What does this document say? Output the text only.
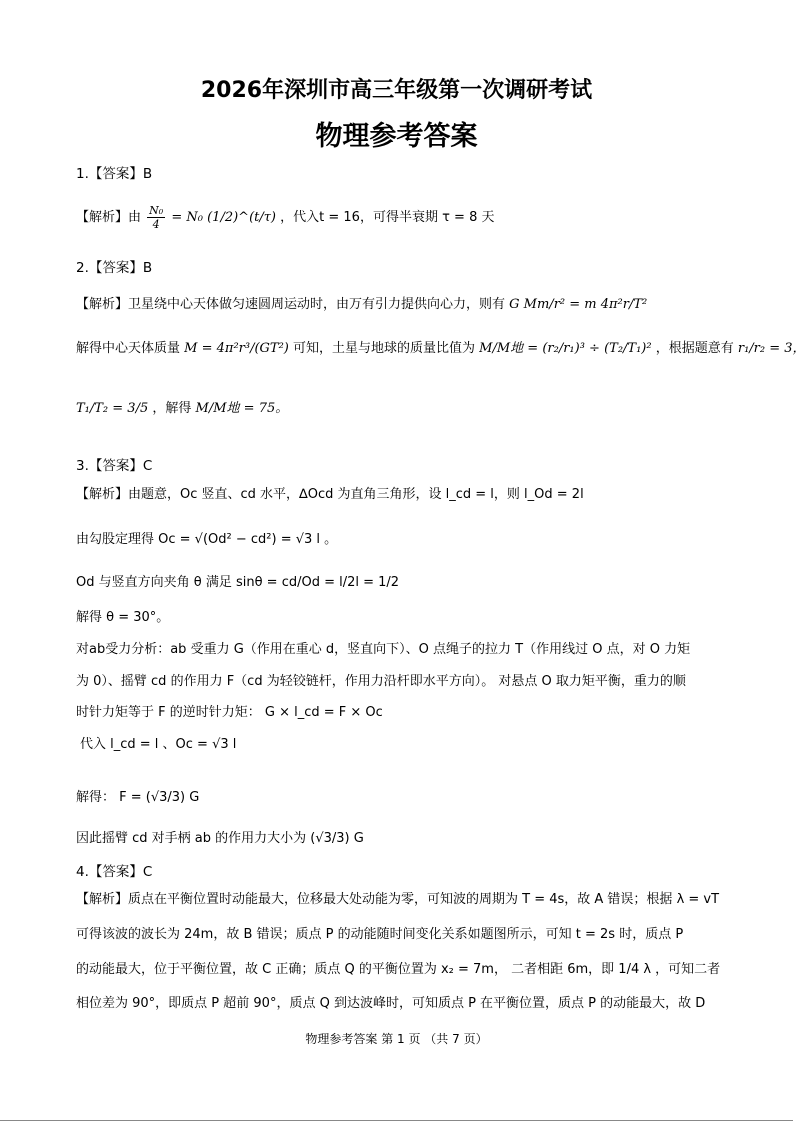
2026年深圳市高三年级第一次调研考试
物理参考答案
1.【答案】B
【解析】由 $\frac{\text{N₀}}{4} = N_0$ (1/2)^(t/τ) ，代入t = 16，可得半衰期 τ = 8 天
2.【答案】B
【解析】卫星绕中心天体做匀速圆周运动时，由万有引力提供向心力，则有 G Mm/r² = m 4π²r/T²
解得中心天体质量 M = 4π²r³/(GT²) 可知，土星与地球的质量比值为 M/M地 = (r₂/r₁)³ ÷ (T₂/T₁)² ，根据题意有 r₁/r₂ = 3，
T₁/T₂ = 3/5 ，解得 M/M地 = 75。
3.【答案】C
【解析】由题意，Oc 竖直、cd 水平，∆Ocd 为直角三角形，设 l_cd = l，则 l_Od = 2l
由勾股定理得 Oc = √(Od² − cd²) = √3 l 。
Od 与竖直方向夹角 θ 满足 sinθ = cd/Od = l/2l = 1/2
解得 θ = 30°。
对ab受力分析：ab 受重力 G（作用在重心 d，竖直向下）、O 点绳子的拉力 T（作用线过 O 点，对 O 力矩
为 0）、摇臂 cd 的作用力 F（cd 为轻铰链杆，作用力沿杆即水平方向）。 对悬点 O 取力矩平衡，重力的顺
时针力矩等于 F 的逆时针力矩： G × l_cd = F × Oc
代入 l_cd = l 、Oc = √3 l
解得： F = (√3/3) G
因此摇臂 cd 对手柄 ab 的作用力大小为 (√3/3) G
4.【答案】C
【解析】质点在平衡位置时动能最大，位移最大处动能为零，可知波的周期为 T = 4s，故 A 错误；根据 λ = vT
可得该波的波长为 24m，故 B 错误；质点 P 的动能随时间变化关系如题图所示，可知 t = 2s 时，质点 P
的动能最大，位于平衡位置，故 C 正确；质点 Q 的平衡位置为 x₂ = 7m， 二者相距 6m，即 1/4 λ ，可知二者
相位差为 90°，即质点 P 超前 90°，质点 Q 到达波峰时，可知质点 P 在平衡位置，质点 P 的动能最大，故 D
物理参考答案 第 1 页 （共 7 页）
